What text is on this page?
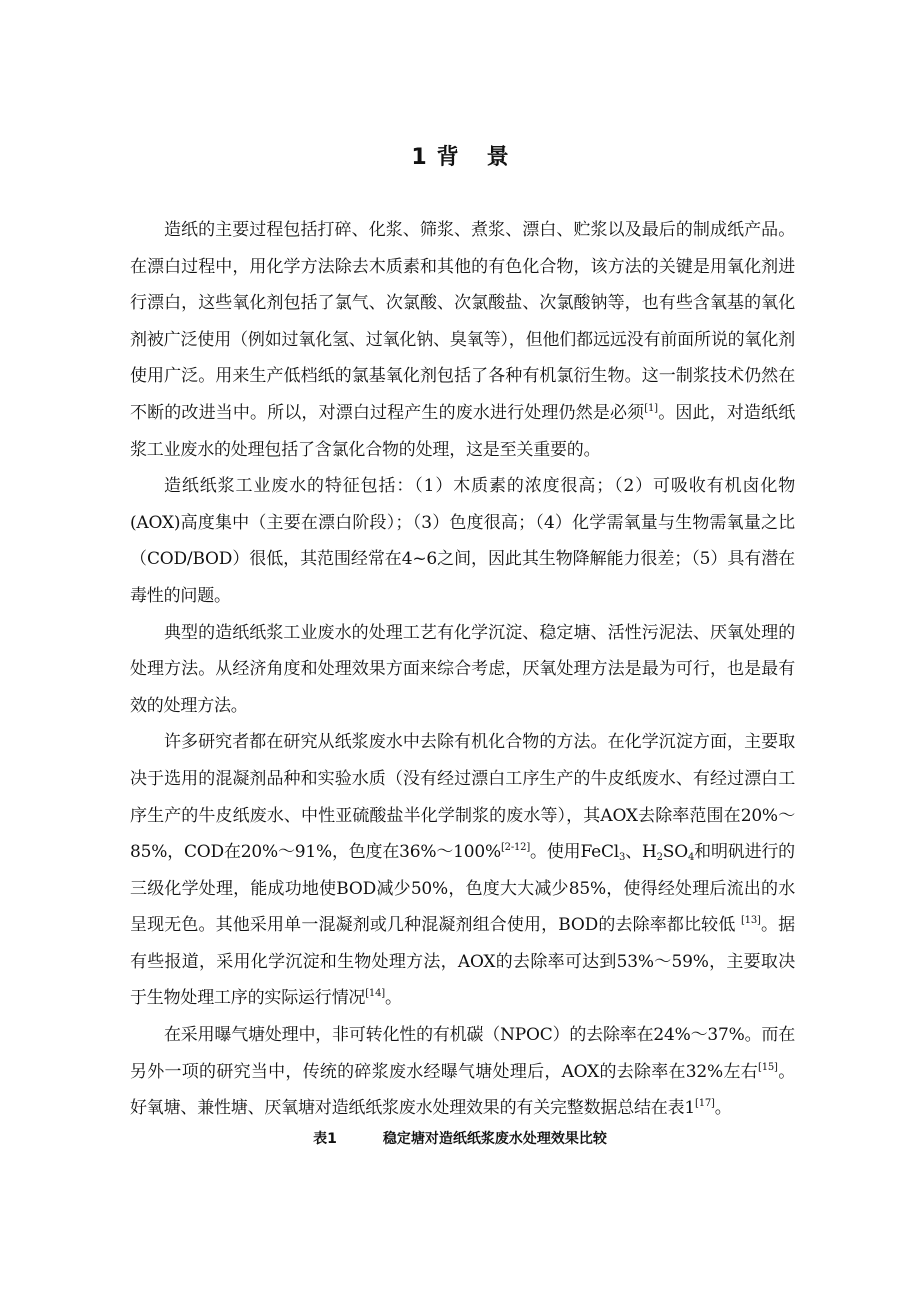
1 背 景

造纸的主要过程包括打碎、化浆、筛浆、煮浆、漂白、贮浆以及最后的制成纸产品。在漂白过程中，用化学方法除去木质素和其他的有色化合物，该方法的关键是用氧化剂进行漂白，这些氧化剂包括了氯气、次氯酸、次氯酸盐、次氯酸钠等，也有些含氧基的氧化剂被广泛使用（例如过氧化氢、过氧化钠、臭氧等），但他们都远远没有前面所说的氧化剂使用广泛。用来生产低档纸的氯基氧化剂包括了各种有机氯衍生物。这一制浆技术仍然在不断的改进当中。所以，对漂白过程产生的废水进行处理仍然是必须[1]。因此，对造纸纸浆工业废水的处理包括了含氯化合物的处理，这是至关重要的。

造纸纸浆工业废水的特征包括：（1）木质素的浓度很高；（2）可吸收有机卤化物(AOX)高度集中（主要在漂白阶段）；（3）色度很高；（4）化学需氧量与生物需氧量之比（COD/BOD）很低，其范围经常在4~6之间，因此其生物降解能力很差；（5）具有潜在毒性的问题。

典型的造纸纸浆工业废水的处理工艺有化学沉淀、稳定塘、活性污泥法、厌氧处理的处理方法。从经济角度和处理效果方面来综合考虑，厌氧处理方法是最为可行，也是最有效的处理方法。

许多研究者都在研究从纸浆废水中去除有机化合物的方法。在化学沉淀方面，主要取决于选用的混凝剂品种和实验水质（没有经过漂白工序生产的牛皮纸废水、有经过漂白工序生产的牛皮纸废水、中性亚硫酸盐半化学制浆的废水等），其AOX去除率范围在20%～85%，COD在20%～91%，色度在36%～100%[2-12]。使用FeCl$_3$、$H_2SO_4$和明矾进行的三级化学处理，能成功地使BOD减少50%，色度大大减少85%，使得经处理后流出的水呈现无色。其他采用单一混凝剂或几种混凝剂组合使用，BOD的去除率都比较低 [13]。据有些报道，采用化学沉淀和生物处理方法，AOX的去除率可达到53%～59%，主要取决于生物处理工序的实际运行情况[14]。

在采用曝气塘处理中，非可转化性的有机碳（NPOC）的去除率在24%～37%。而在另外一项的研究当中，传统的碎浆废水经曝气塘处理后，AOX的去除率在32%左右[15]。好氧塘、兼性塘、厌氧塘对造纸纸浆废水处理效果的有关完整数据总结在表1[17]。

表1	稳定塘对造纸纸浆废水处理效果比较
